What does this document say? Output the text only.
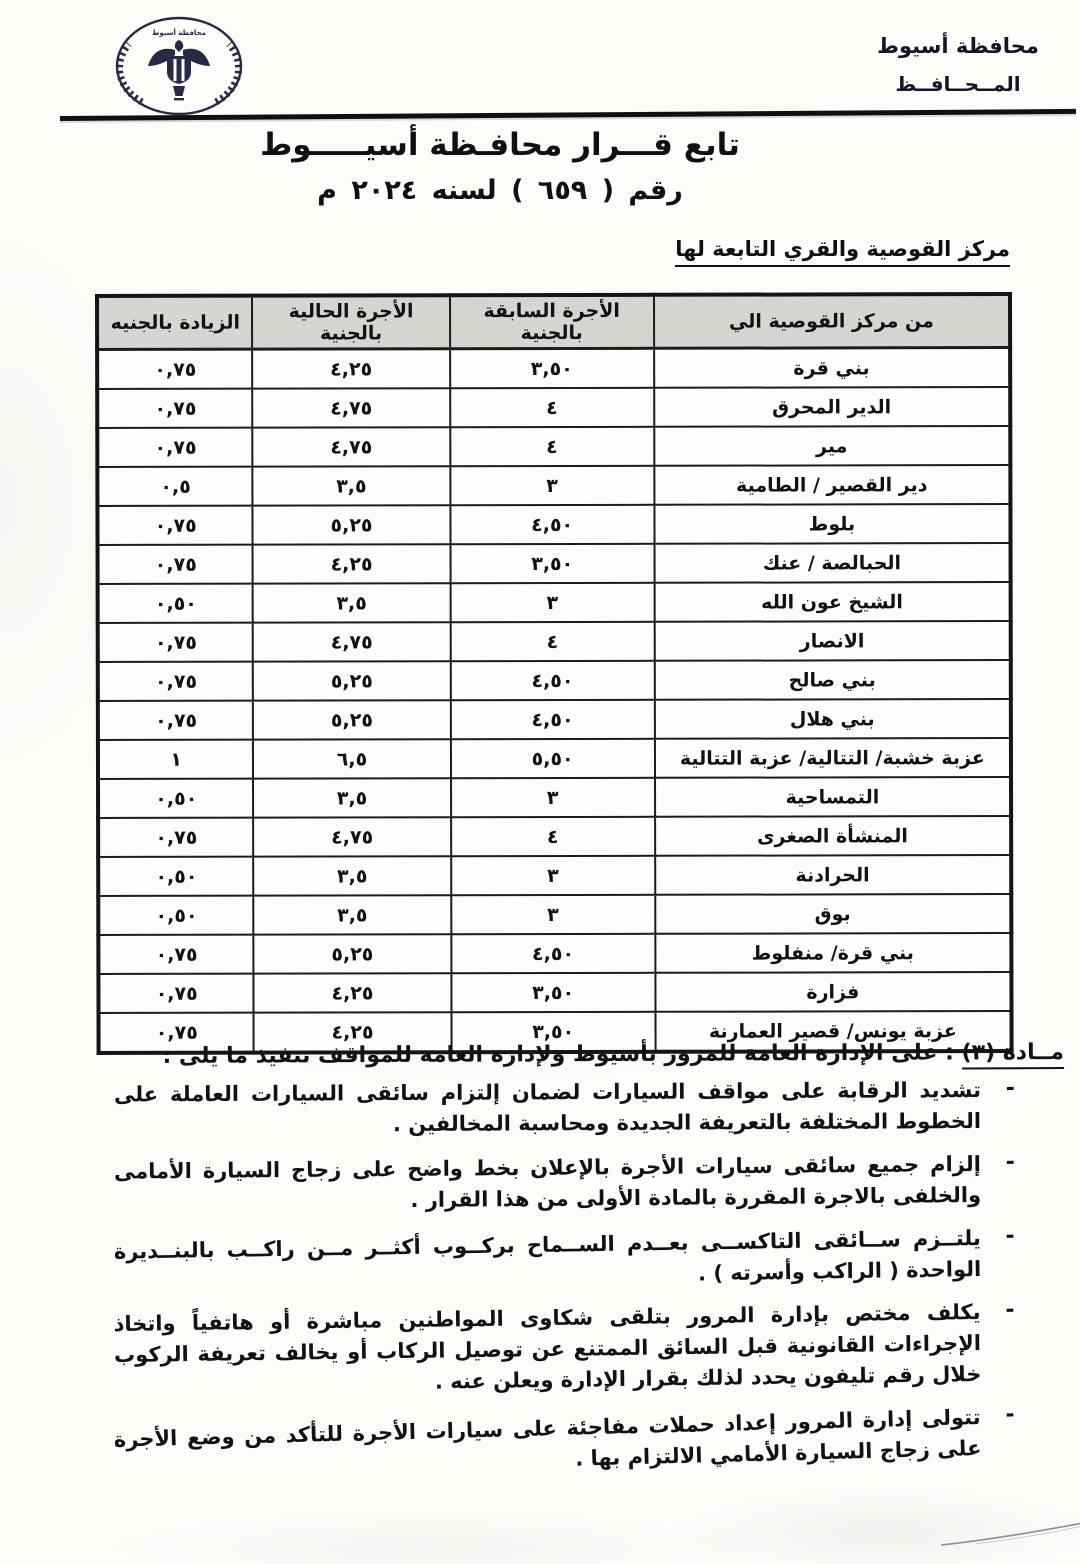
محافظة أسيوط
المــحــافــظ
محافظة أسيوط
تابع قـــرار محافـظة أسيـــــوط
رقم ( ٦٥٩ ) لسنه ٢٠٢٤ م
مركز القوصية والقري التابعة لها
من مركز القوصية الي	الأجرة السابقة بالجنية	الأجرة الحالية بالجنية	الزيادة بالجنيه
بني قرة	٣,٥٠	٤,٢٥	٠,٧٥
الدير المحرق	٤	٤,٧٥	٠,٧٥
مير	٤	٤,٧٥	٠,٧٥
دير القصير / الطامية	٣	٣,٥	٠,٥
بلوط	٤,٥٠	٥,٢٥	٠,٧٥
الحبالصة / عنك	٣,٥٠	٤,٢٥	٠,٧٥
الشيخ عون الله	٣	٣,٥	٠,٥٠
الانصار	٤	٤,٧٥	٠,٧٥
بني صالح	٤,٥٠	٥,٢٥	٠,٧٥
بني هلال	٤,٥٠	٥,٢٥	٠,٧٥
عزبة خشبة/ التتالية/ عزبة التتالية	٥,٥٠	٦,٥	١
التمساحية	٣	٣,٥	٠,٥٠
المنشأة الصغرى	٤	٤,٧٥	٠,٧٥
الحرادنة	٣	٣,٥	٠,٥٠
بوق	٣	٣,٥	٠,٥٠
بني قرة/ منفلوط	٤,٥٠	٥,٢٥	٠,٧٥
فزارة	٣,٥٠	٤,٢٥	٠,٧٥
عزبة يونس/ قصير العمارنة	٣,٥٠	٤,٢٥	٠,٧٥
مــادة (٣) : على الإدارة العامة للمرور بأسيوط ولإدارة العامة للمواقف تنفيذ ما يلى :
- تشديد الرقابة على مواقف السيارات لضمان إلتزام سائقى السيارات العاملة على الخطوط المختلفة بالتعريفة الجديدة ومحاسبة المخالفين .
- إلزام جميع سائقى سيارات الأجرة بالإعلان بخط واضح على زجاج السيارة الأمامى والخلفى بالاجرة المقررة بالمادة الأولى من هذا القرار .
- يلتــزم ســائقى التاكســى بعــدم الســماح بركــوب أكثــر مــن راكــب بالبنــديرة الواحدة ( الراكب وأسرته ) .
- يكلف مختص بإدارة المرور بتلقى شكاوى المواطنين مباشرة أو هاتفياً واتخاذ الإجراءات القانونية قبل السائق الممتنع عن توصيل الركاب أو يخالف تعريفة الركوب خلال رقم تليفون يحدد لذلك بقرار الإدارة ويعلن عنه .
- تتولى إدارة المرور إعداد حملات مفاجئة على سيارات الأجرة للتأكد من وضع الأجرة على زجاج السيارة الأمامي الالتزام بها .
